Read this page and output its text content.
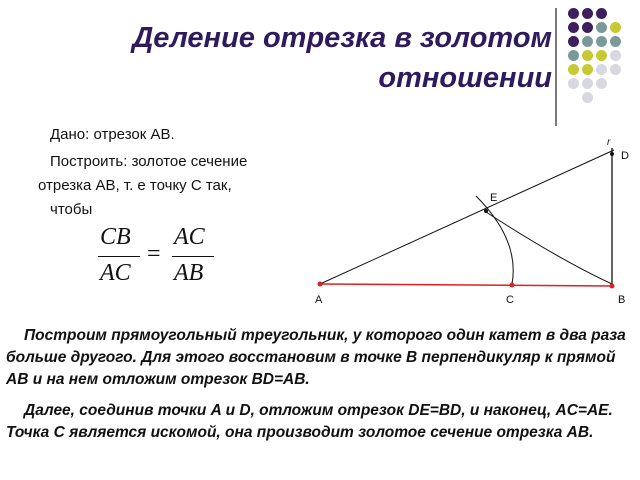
Деление отрезка в золотом
отношении
Дано: отрезок АВ.
Построить: золотое сечение
отрезка АВ, т. е точку С так,
чтобы
CB
AC
=
AC
AB
A	C	B
D
E
r

Построим прямоугольный треугольник, у которого один катет в два раза больше другого. Для этого восстановим в точке B перпендикуляр к прямой AB и на нем отложим отрезок BD=AB.

Далее, соединив точки A и D, отложим отрезок DE=BD, и наконец, AC=AE. Точка C является искомой, она производит золотое сечение отрезка AB.
